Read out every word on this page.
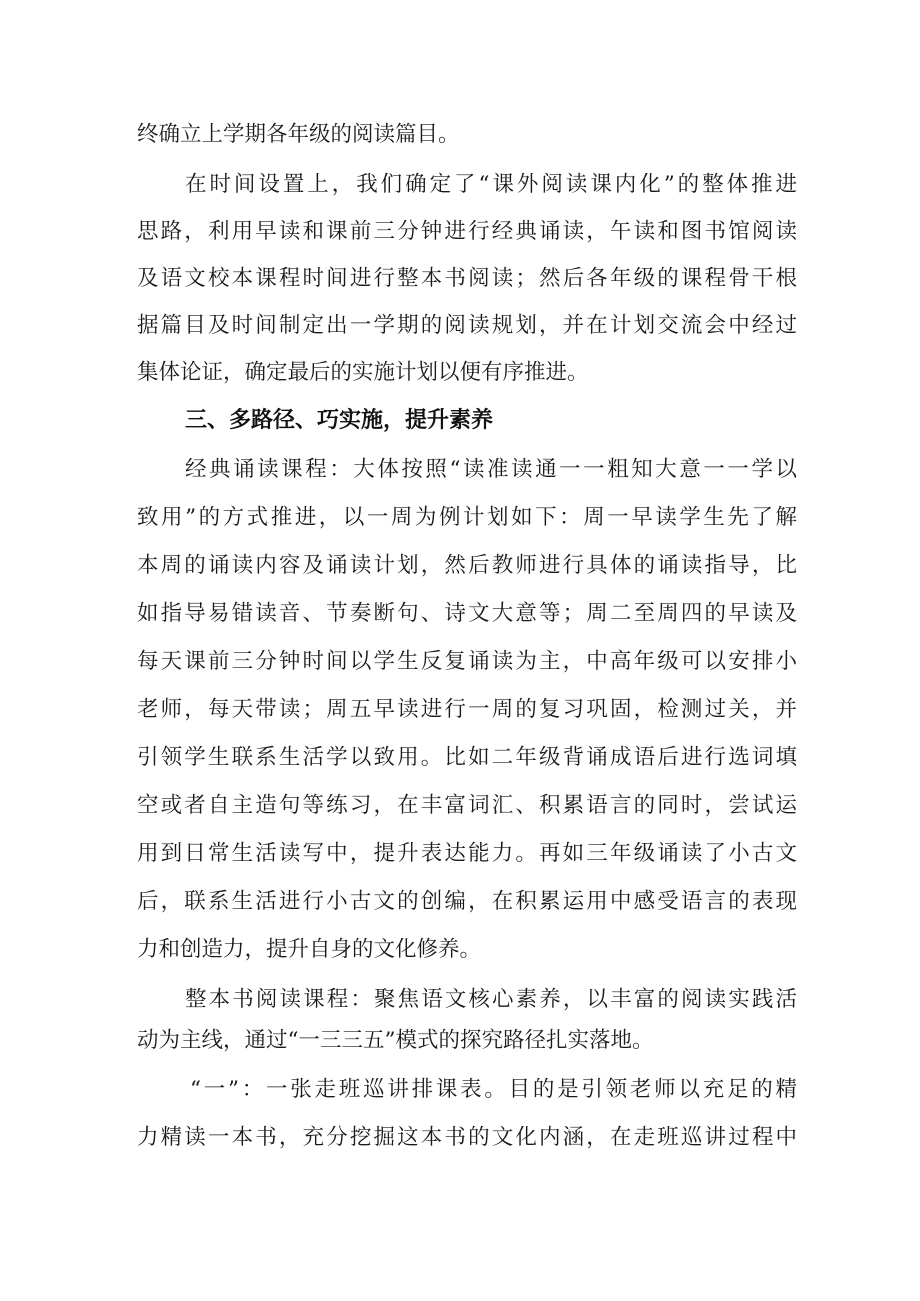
终确立上学期各年级的阅读篇目。
在时间设置上，我们确定了“课外阅读课内化”的整体推进
思路，利用早读和课前三分钟进行经典诵读，午读和图书馆阅读
及语文校本课程时间进行整本书阅读；然后各年级的课程骨干根
据篇目及时间制定出一学期的阅读规划，并在计划交流会中经过
集体论证，确定最后的实施计划以便有序推进。
三、多路径、巧实施，提升素养
经典诵读课程：大体按照“读准读通一一粗知大意一一学以
致用”的方式推进，以一周为例计划如下：周一早读学生先了解
本周的诵读内容及诵读计划，然后教师进行具体的诵读指导，比
如指导易错读音、节奏断句、诗文大意等；周二至周四的早读及
每天课前三分钟时间以学生反复诵读为主，中高年级可以安排小
老师，每天带读；周五早读进行一周的复习巩固，检测过关，并
引领学生联系生活学以致用。比如二年级背诵成语后进行选词填
空或者自主造句等练习，在丰富词汇、积累语言的同时，尝试运
用到日常生活读写中，提升表达能力。再如三年级诵读了小古文
后，联系生活进行小古文的创编，在积累运用中感受语言的表现
力和创造力，提升自身的文化修养。
整本书阅读课程：聚焦语文核心素养，以丰富的阅读实践活
动为主线，通过“一三三五”模式的探究路径扎实落地。
“一”：一张走班巡讲排课表。目的是引领老师以充足的精
力精读一本书，充分挖掘这本书的文化内涵，在走班巡讲过程中
